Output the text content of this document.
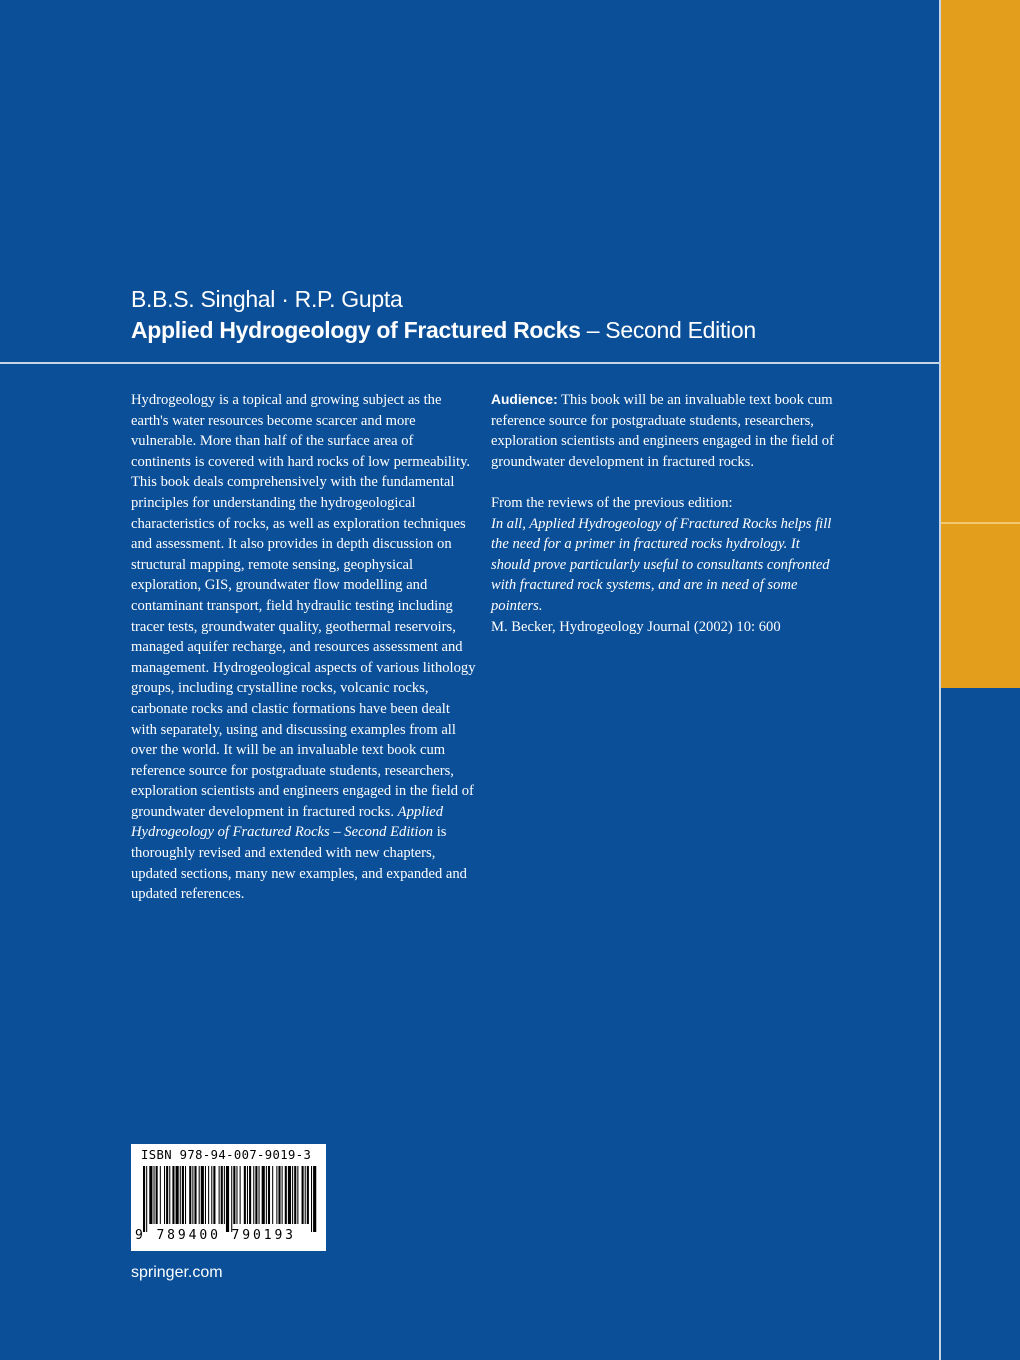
B.B.S. Singhal · R.P. Gupta
Applied Hydrogeology of Fractured Rocks – Second Edition

Hydrogeology is a topical and growing subject as the earth's water resources become scarcer and more vulnerable. More than half of the surface area of continents is covered with hard rocks of low permeability. This book deals comprehensively with the fundamental principles for understanding the hydrogeological characteristics of rocks, as well as exploration techniques and assessment. It also provides in depth discussion on structural mapping, remote sensing, geophysical exploration, GIS, groundwater flow modelling and contaminant transport, field hydraulic testing including tracer tests, groundwater quality, geothermal reservoirs, managed aquifer recharge, and resources assessment and management. Hydrogeological aspects of various lithology groups, including crystalline rocks, volcanic rocks, carbonate rocks and clastic formations have been dealt with separately, using and discussing examples from all over the world. It will be an invaluable text book cum reference source for postgraduate students, researchers, exploration scientists and engineers engaged in the field of groundwater development in fractured rocks. Applied Hydrogeology of Fractured Rocks – Second Edition is thoroughly revised and extended with new chapters, updated sections, many new examples, and expanded and updated references.

Audience: This book will be an invaluable text book cum reference source for postgraduate students, researchers, exploration scientists and engineers engaged in the field of groundwater development in fractured rocks.

From the reviews of the previous edition:

In all, Applied Hydrogeology of Fractured Rocks helps fill the need for a primer in fractured rocks hydrology. It should prove particularly useful to consultants confronted with fractured rock systems, and are in need of some pointers.

M. Becker, Hydrogeology Journal (2002) 10: 600

ISBN 978-94-007-9019-3
9 789400 790193
springer.com
